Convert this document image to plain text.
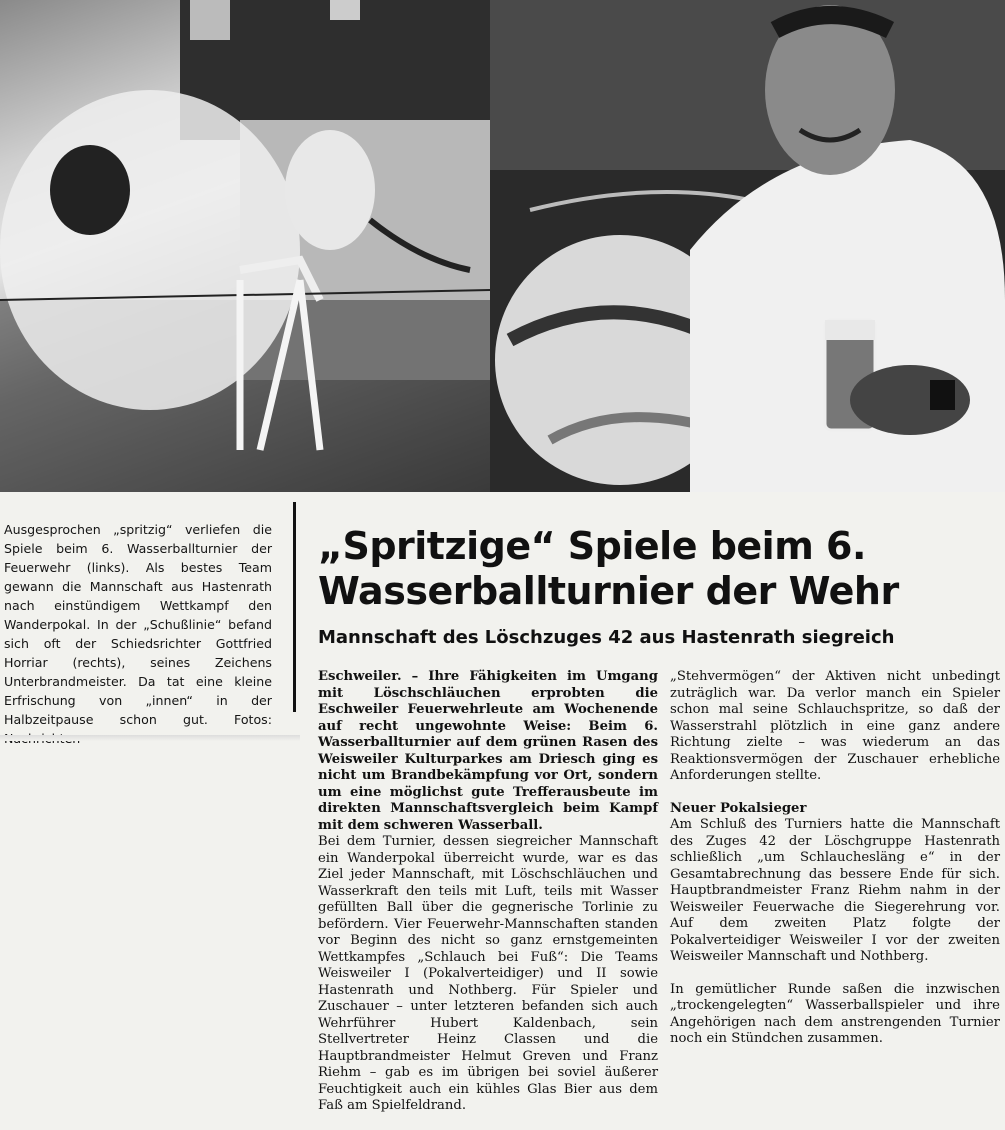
Ausgesprochen „spritzig“ verliefen die Spiele beim 6. Wasserballturnier der Feuerwehr (links). Als bestes Team gewann die Mannschaft aus Hastenrath nach einstündigem Wettkampf den Wanderpokal. In der „Schußlinie“ befand sich oft der Schiedsrichter Gottfried Horriar (rechts), seines Zeichens Unterbrandmeister. Da tat eine kleine Erfrischung von „innen“ in der Halbzeitpause schon gut. Fotos:
„Spritzige“ Spiele beim 6.
Wasserballturnier der Wehr
Mannschaft des Löschzuges 42 aus Hastenrath siegreich

Eschweiler. – Ihre Fähigkeiten im Umgang mit Löschschläuchen erprobten die Eschweiler Feuerwehrleute am Wochenende auf recht ungewohnte Weise: Beim 6. Wasserballturnier auf dem grünen Rasen des Weisweiler Kulturparkes am Driesch ging es nicht um Brandbekämpfung vor Ort, sondern um eine möglichst gute Trefferausbeute im direkten Mannschaftsvergleich beim Kampf mit dem schweren Wasserball.

Bei dem Turnier, dessen siegreicher Mannschaft ein Wanderpokal überreicht wurde, war es das Ziel jeder Mannschaft, mit Löschschläuchen und Wasserkraft den teils mit Luft, teils mit Wasser gefüllten Ball über die gegnerische Torlinie zu befördern. Vier Feuerwehr-Mannschaften standen vor Beginn des nicht so ganz ernstgemeinten Wettkampfes „Schlauch bei Fuß“: Die Teams Weisweiler I (Pokalverteidiger) und II sowie Hastenrath und Nothberg. Für Spieler und Zuschauer – unter letzteren befanden sich auch Wehrführer Hubert Kaldenbach, sein Stellvertreter Heinz Classen und die Hauptbrandmeister Helmut Greven und Franz Riehm – gab es im übrigen bei soviel äußerer Feuchtigkeit auch ein kühles Glas Bier aus dem Faß am Spielfeldrand.

„Stehvermögen“ der Aktiven nicht unbedingt zuträglich war. Da verlor manch ein Spieler schon mal seine Schlauchspritze, so daß der Wasserstrahl plötzlich in eine ganz andere Richtung zielte – was wiederum an das Reaktionsvermögen der Zuschauer erhebliche Anforderungen stellte.

Neuer Pokalsieger

Am Schluß des Turniers hatte die Mannschaft des Zuges 42 der Löschgruppe Hastenrath schließlich „um Schlauchesläng e“ in der Gesamtabrechnung das bessere Ende für sich. Hauptbrandmeister Franz Riehm nahm in der Weisweiler Feuerwache die Siegerehrung vor. Auf dem zweiten Platz folgte der Pokalverteidiger Weisweiler I vor der zweiten Weisweiler Mannschaft und Nothberg.

In gemütlicher Runde saßen die inzwischen „trockengelegten“ Wasserballspieler und ihre Angehörigen nach dem anstrengenden Turnier noch ein Stündchen zusammen.
